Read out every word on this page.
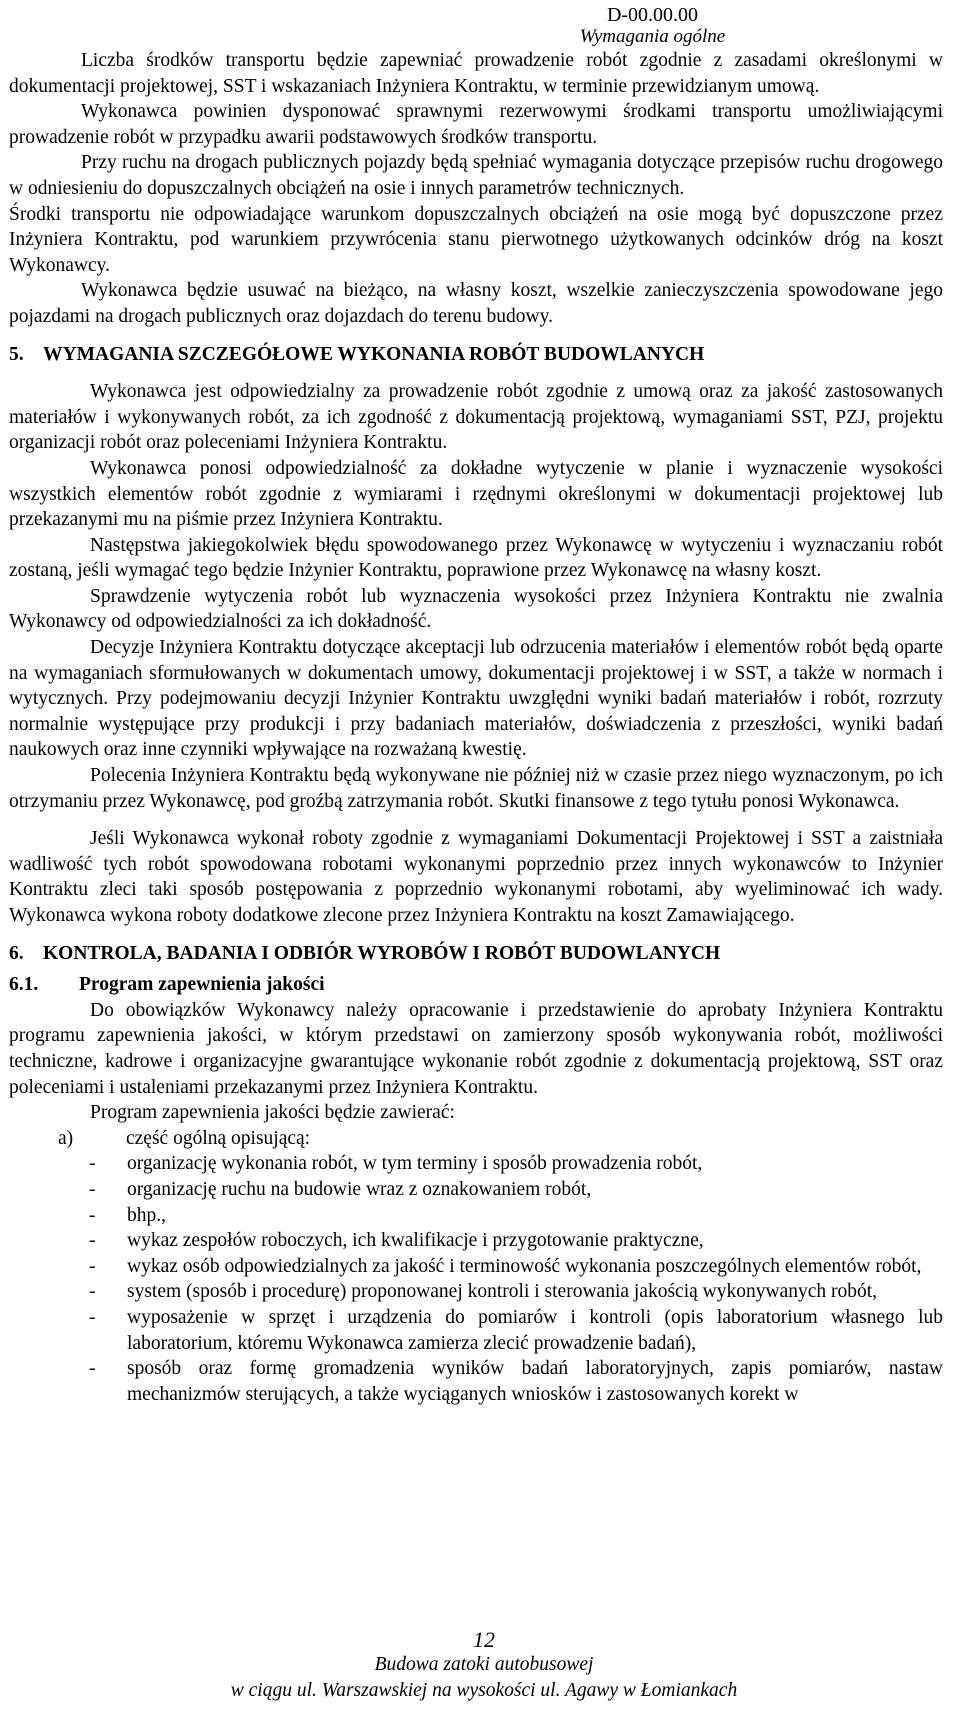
D-00.00.00
Wymagania ogólne

Liczba środków transportu będzie zapewniać prowadzenie robót zgodnie z zasadami określonymi w dokumentacji projektowej, SST i wskazaniach Inżyniera Kontraktu, w terminie przewidzianym umową.

Wykonawca powinien dysponować sprawnymi rezerwowymi środkami transportu umożliwiającymi prowadzenie robót w przypadku awarii podstawowych środków transportu.

Przy ruchu na drogach publicznych pojazdy będą spełniać wymagania dotyczące przepisów ruchu drogowego w odniesieniu do dopuszczalnych obciążeń na osie i innych parametrów technicznych.

Środki transportu nie odpowiadające warunkom dopuszczalnych obciążeń na osie mogą być dopuszczone przez Inżyniera Kontraktu, pod warunkiem przywrócenia stanu pierwotnego użytkowanych odcinków dróg na koszt Wykonawcy.

Wykonawca będzie usuwać na bieżąco, na własny koszt, wszelkie zanieczyszczenia spowodowane jego pojazdami na drogach publicznych oraz dojazdach do terenu budowy.

5. WYMAGANIA SZCZEGÓŁOWE WYKONANIA ROBÓT BUDOWLANYCH

Wykonawca jest odpowiedzialny za prowadzenie robót zgodnie z umową oraz za jakość zastosowanych materiałów i wykonywanych robót, za ich zgodność z dokumentacją projektową, wymaganiami SST, PZJ, projektu organizacji robót oraz poleceniami Inżyniera Kontraktu.

Wykonawca ponosi odpowiedzialność za dokładne wytyczenie w planie i wyznaczenie wysokości wszystkich elementów robót zgodnie z wymiarami i rzędnymi określonymi w dokumentacji projektowej lub przekazanymi mu na piśmie przez Inżyniera Kontraktu.

Następstwa jakiegokolwiek błędu spowodowanego przez Wykonawcę w wytyczeniu i wyznaczaniu robót zostaną, jeśli wymagać tego będzie Inżynier Kontraktu, poprawione przez Wykonawcę na własny koszt.

Sprawdzenie wytyczenia robót lub wyznaczenia wysokości przez Inżyniera Kontraktu nie zwalnia Wykonawcy od odpowiedzialności za ich dokładność.

Decyzje Inżyniera Kontraktu dotyczące akceptacji lub odrzucenia materiałów i elementów robót będą oparte na wymaganiach sformułowanych w dokumentach umowy, dokumentacji projektowej i w SST, a także w normach i wytycznych. Przy podejmowaniu decyzji Inżynier Kontraktu uwzględni wyniki badań materiałów i robót, rozrzuty normalnie występujące przy produkcji i przy badaniach materiałów, doświadczenia z przeszłości, wyniki badań naukowych oraz inne czynniki wpływające na rozważaną kwestię.

Polecenia Inżyniera Kontraktu będą wykonywane nie później niż w czasie przez niego wyznaczonym, po ich otrzymaniu przez Wykonawcę, pod groźbą zatrzymania robót. Skutki finansowe z tego tytułu ponosi Wykonawca.

Jeśli Wykonawca wykonał roboty zgodnie z wymaganiami Dokumentacji Projektowej i SST a zaistniała wadliwość tych robót spowodowana robotami wykonanymi poprzednio przez innych wykonawców to Inżynier Kontraktu zleci taki sposób postępowania z poprzednio wykonanymi robotami, aby wyeliminować ich wady. Wykonawca wykona roboty dodatkowe zlecone przez Inżyniera Kontraktu na koszt Zamawiającego.

6. KONTROLA, BADANIA I ODBIÓR WYROBÓW I ROBÓT BUDOWLANYCH
6.1.	Program zapewnienia jakości

Do obowiązków Wykonawcy należy opracowanie i przedstawienie do aprobaty Inżyniera Kontraktu programu zapewnienia jakości, w którym przedstawi on zamierzony sposób wykonywania robót, możliwości techniczne, kadrowe i organizacyjne gwarantujące wykonanie robót zgodnie z dokumentacją projektową, SST oraz poleceniami i ustaleniami przekazanymi przez Inżyniera Kontraktu.

Program zapewnienia jakości będzie zawierać:

a)	część ogólną opisującą:
-	organizację wykonania robót, w tym terminy i sposób prowadzenia robót,
-	organizację ruchu na budowie wraz z oznakowaniem robót,
-	bhp.,
-	wykaz zespołów roboczych, ich kwalifikacje i przygotowanie praktyczne,
-	wykaz osób odpowiedzialnych za jakość i terminowość wykonania poszczególnych elementów robót,
-	system (sposób i procedurę) proponowanej kontroli i sterowania jakością wykonywanych robót,
-	wyposażenie w sprzęt i urządzenia do pomiarów i kontroli (opis laboratorium własnego lub laboratorium, któremu Wykonawca zamierza zlecić prowadzenie badań),
-	sposób oraz formę gromadzenia wyników badań laboratoryjnych, zapis pomiarów, nastaw mechanizmów sterujących, a także wyciąganych wniosków i zastosowanych korekt w
12
Budowa zatoki autobusowej
w ciągu ul. Warszawskiej na wysokości ul. Agawy w Łomiankach
